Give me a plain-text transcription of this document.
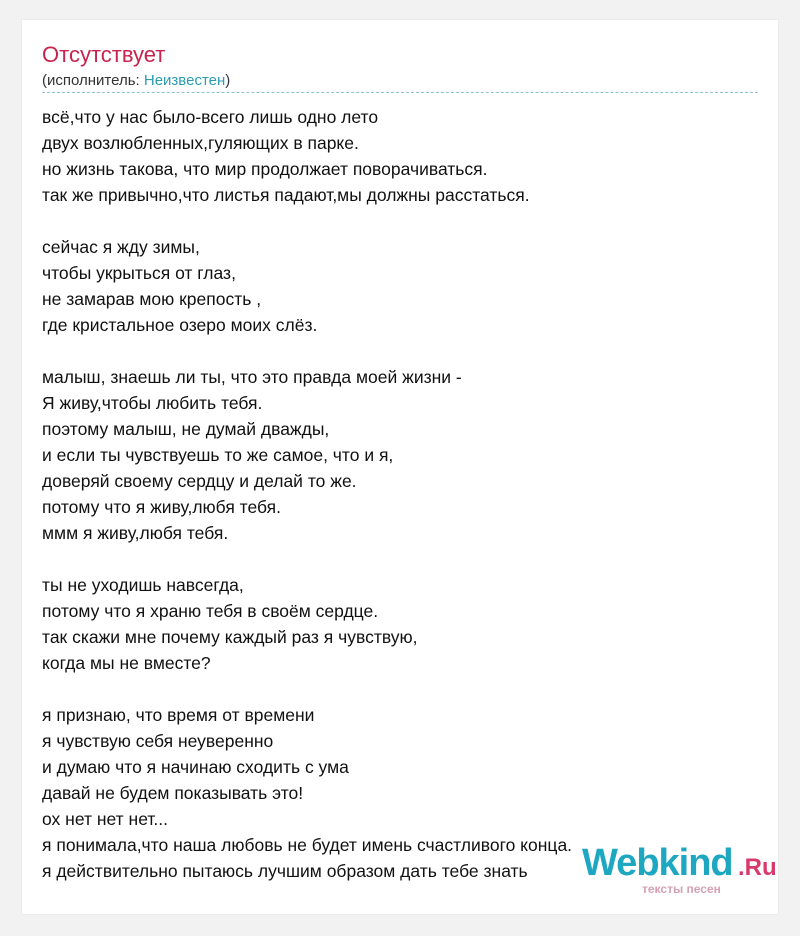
Отсутствует
(исполнитель: Неизвестен)
всё,что у нас было-всего лишь одно лето
двух возлюбленных,гуляющих в парке.
но жизнь такова, что мир продолжает поворачиваться.
так же привычно,что листья падают,мы должны расстаться.
сейчас я жду зимы,
чтобы укрыться от глаз,
не замарав мою крепость ,
где кристальное озеро моих слёз.
малыш, знаешь ли ты, что это правда моей жизни -
Я живу,чтобы любить тебя.
поэтому малыш, не думай дважды,
и если ты чувствуешь то же самое, что и я,
доверяй своему сердцу и делай то же.
потому что я живу,любя тебя.
ммм я живу,любя тебя.
ты не уходишь навсегда,
потому что я храню тебя в своём сердце.
так скажи мне почему каждый раз я чувствую,
когда мы не вместе?
я признаю, что время от времени
я чувствую себя неуверенно
и думаю что я начинаю сходить с ума
давай не будем показывать это!
ох нет нет нет...
я понимала,что наша любовь не будет имень счастливого конца.
я действительно пытаюсь лучшим образом дать тебе знать	Webkind .Ru
тексты песен
